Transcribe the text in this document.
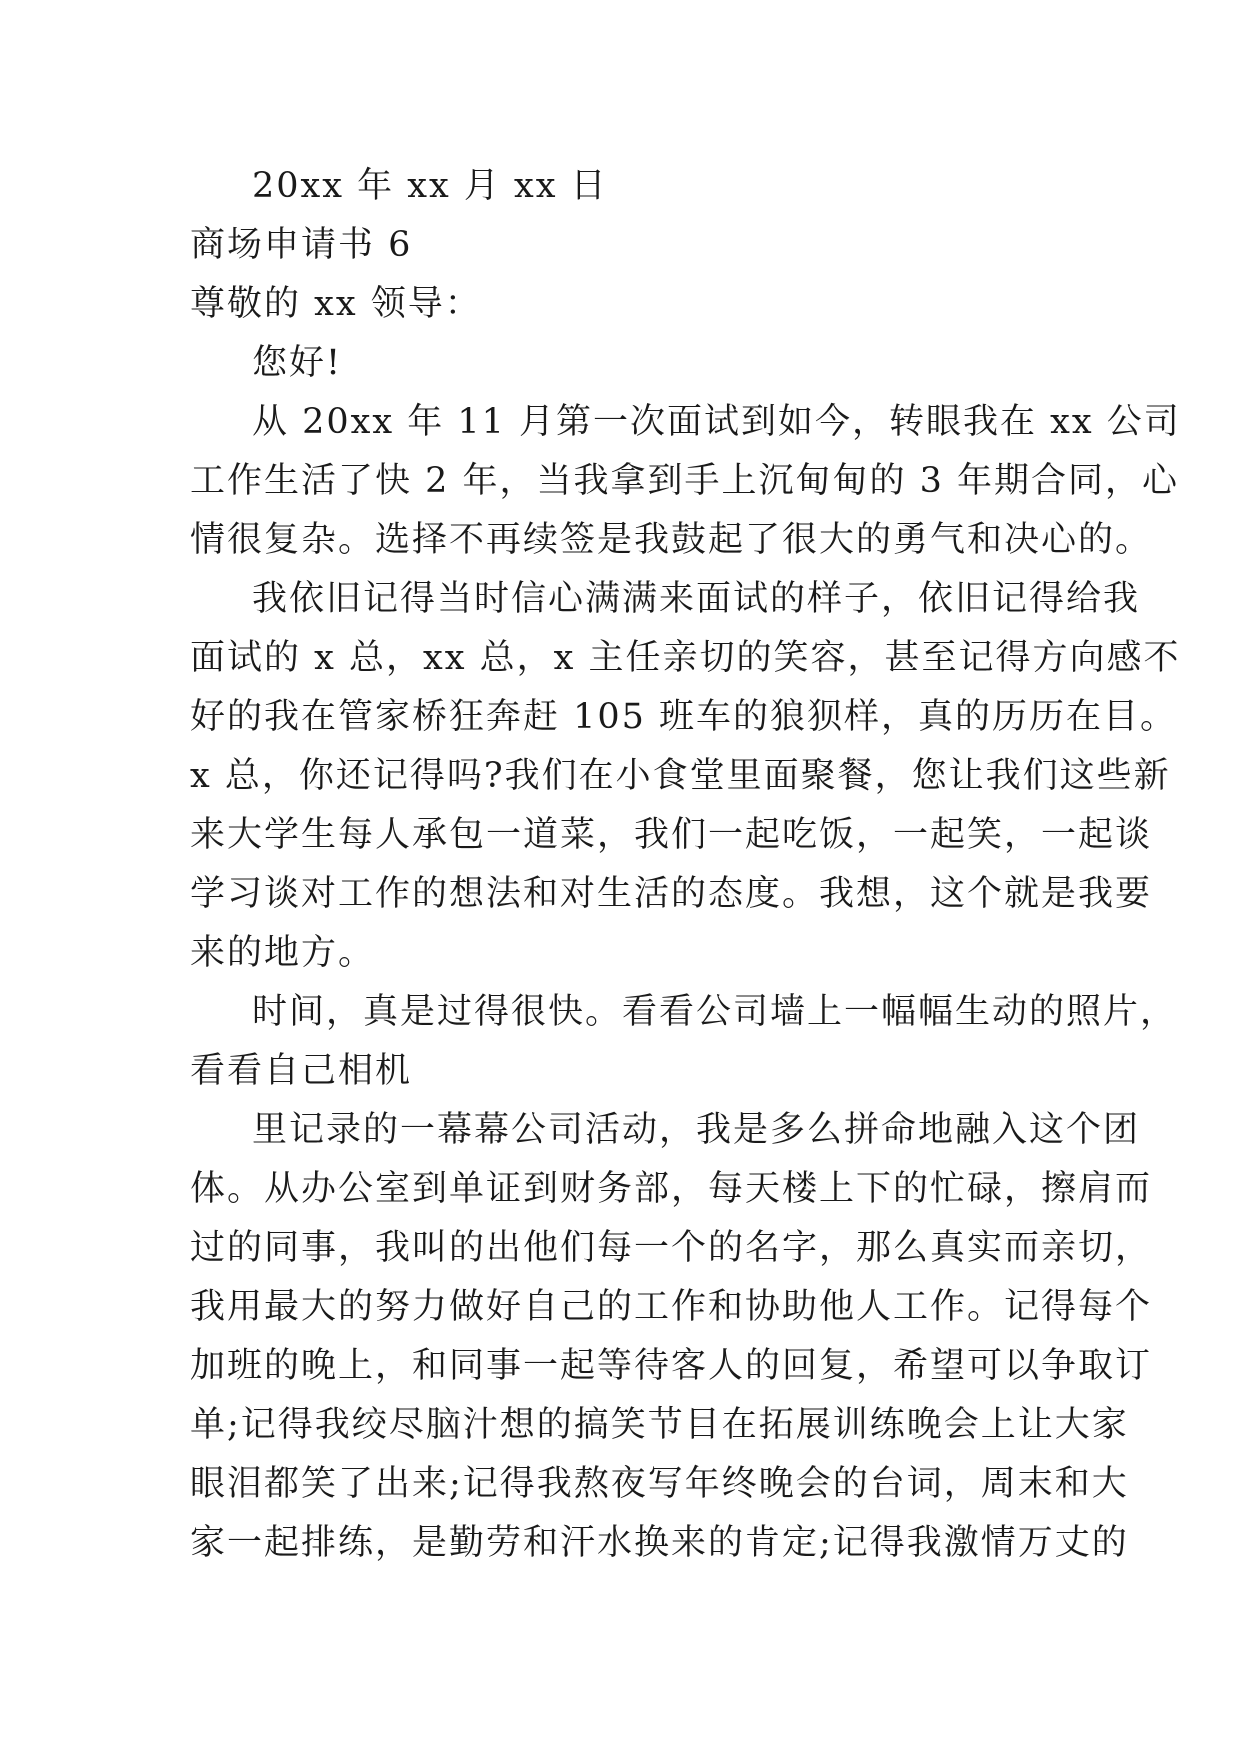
20xx 年 xx 月 xx 日
商场申请书 6
尊敬的 xx 领导：
您好!
从 20xx 年 11 月第一次面试到如今，转眼我在 xx 公司
工作生活了快 2 年，当我拿到手上沉甸甸的 3 年期合同，心
情很复杂。选择不再续签是我鼓起了很大的勇气和决心的。
我依旧记得当时信心满满来面试的样子，依旧记得给我
面试的 x 总，xx 总，x 主任亲切的笑容，甚至记得方向感不
好的我在管家桥狂奔赶 105 班车的狼狈样，真的历历在目。
x 总，你还记得吗?我们在小食堂里面聚餐，您让我们这些新
来大学生每人承包一道菜，我们一起吃饭，一起笑，一起谈
学习谈对工作的想法和对生活的态度。我想，这个就是我要
来的地方。
时间，真是过得很快。看看公司墙上一幅幅生动的照片，
看看自己相机
里记录的一幕幕公司活动，我是多么拼命地融入这个团
体。从办公室到单证到财务部，每天楼上下的忙碌，擦肩而
过的同事，我叫的出他们每一个的名字，那么真实而亲切，
我用最大的努力做好自己的工作和协助他人工作。记得每个
加班的晚上，和同事一起等待客人的回复，希望可以争取订
单;记得我绞尽脑汁想的搞笑节目在拓展训练晚会上让大家
眼泪都笑了出来;记得我熬夜写年终晚会的台词，周末和大
家一起排练，是勤劳和汗水换来的肯定;记得我激情万丈的
